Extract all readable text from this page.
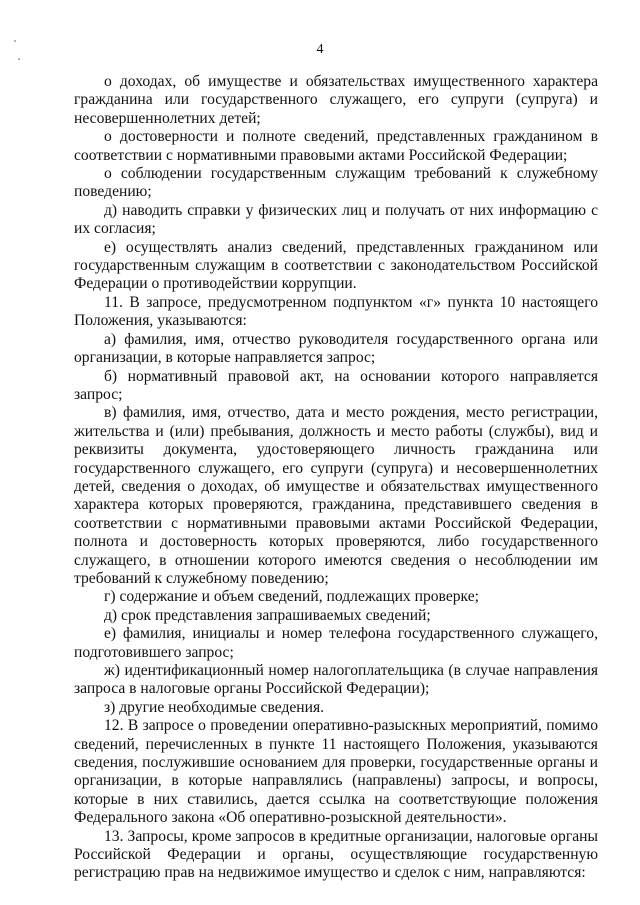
4

о доходах, об имуществе и обязательствах имущественного характера гражданина или государственного служащего, его супруги (супруга) и несовершеннолетних детей;

о достоверности и полноте сведений, представленных гражданином в соответствии с нормативными правовыми актами Российской Федерации;

о соблюдении государственным служащим требований к служебному поведению;

д) наводить справки у физических лиц и получать от них информацию с их согласия;

е) осуществлять анализ сведений, представленных гражданином или государственным служащим в соответствии с законодательством Российской Федерации о противодействии коррупции.

11. В запросе, предусмотренном подпунктом «г» пункта 10 настоящего Положения, указываются:

а) фамилия, имя, отчество руководителя государственного органа или организации, в которые направляется запрос;

б) нормативный правовой акт, на основании которого направляется запрос;

в) фамилия, имя, отчество, дата и место рождения, место регистрации, жительства и (или) пребывания, должность и место работы (службы), вид и реквизиты документа, удостоверяющего личность гражданина или государственного служащего, его супруги (супруга) и несовершеннолетних детей, сведения о доходах, об имуществе и обязательствах имущественного характера которых проверяются, гражданина, представившего сведения в соответствии с нормативными правовыми актами Российской Федерации, полнота и достоверность которых проверяются, либо государственного служащего, в отношении которого имеются сведения о несоблюдении им требований к служебному поведению;

г) содержание и объем сведений, подлежащих проверке;

д) срок представления запрашиваемых сведений;

е) фамилия, инициалы и номер телефона государственного служащего, подготовившего запрос;

ж) идентификационный номер налогоплательщика (в случае направления запроса в налоговые органы Российской Федерации);

з) другие необходимые сведения.

12. В запросе о проведении оперативно-разыскных мероприятий, помимо сведений, перечисленных в пункте 11 настоящего Положения, указываются сведения, послужившие основанием для проверки, государственные органы и организации, в которые направлялись (направлены) запросы, и вопросы, которые в них ставились, дается ссылка на соответствующие положения Федерального закона «Об оперативно-розыскной деятельности».

13. Запросы, кроме запросов в кредитные организации, налоговые органы Российской Федерации и органы, осуществляющие государственную регистрацию прав на недвижимое имущество и сделок с ним, направляются:
